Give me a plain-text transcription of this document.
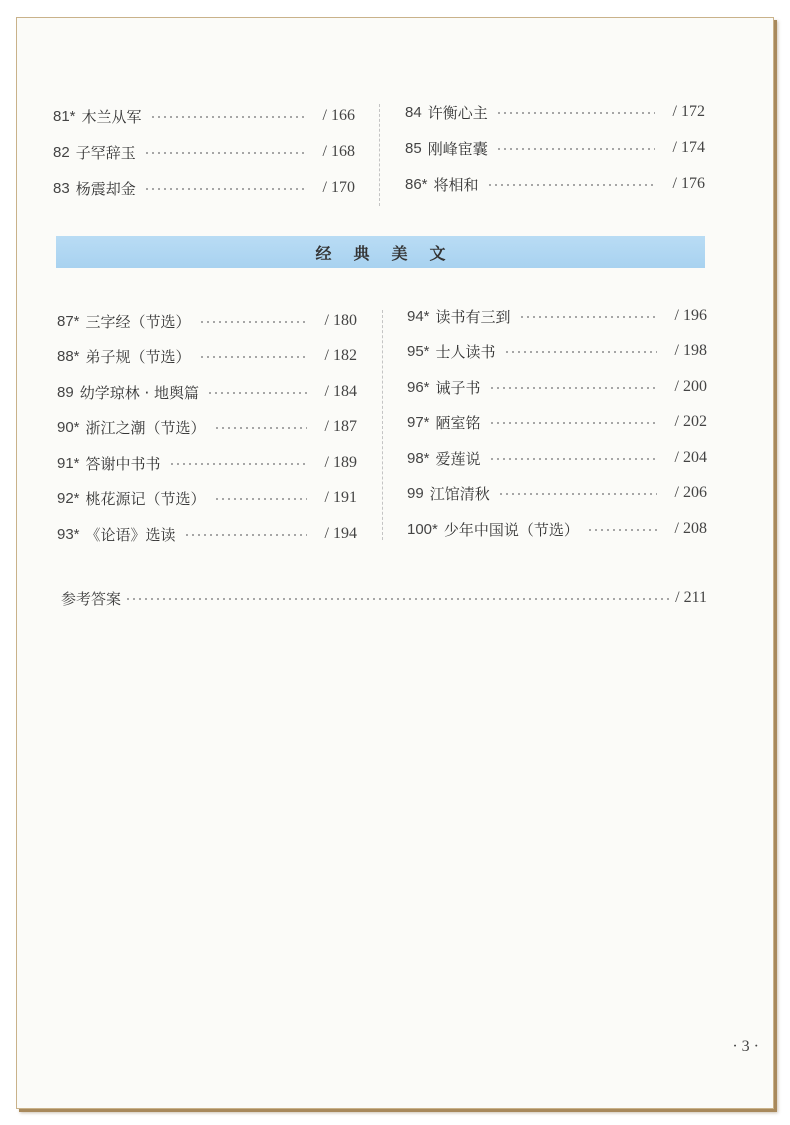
81* 木兰从军	/ 166
82 子罕辞玉	/ 168
83 杨震却金	/ 170
84 许衡心主	/ 172
85 刚峰宦囊	/ 174
86* 将相和	/ 176
经典美文
87* 三字经（节选）	/ 180
88* 弟子规（节选）	/ 182
89 幼学琼林 · 地舆篇	/ 184
90* 浙江之潮（节选）	/ 187
91* 答谢中书书	/ 189
92* 桃花源记（节选）	/ 191
93* 《论语》选读	/ 194
94* 读书有三到	/ 196
95* 士人读书	/ 198
96* 诫子书	/ 200
97* 陋室铭	/ 202
98* 爱莲说	/ 204
99 江馆清秋	/ 206
100* 少年中国说（节选）	/ 208
参考答案	/ 211
· 3 ·
